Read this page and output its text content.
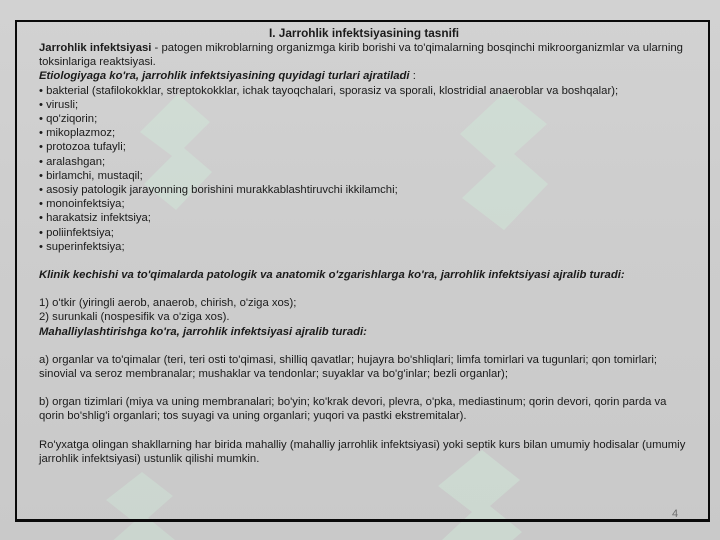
I. Jarrohlik infektsiyasining tasnifi

Jarrohlik infektsiyasi - patogen mikroblarning organizmga kirib borishi va to'qimalarning bosqinchi mikroorganizmlar va ularning toksinlariga reaktsiyasi.

Etiologiyaga ko'ra, jarrohlik infektsiyasining quyidagi turlari ajratiladi :

• bakterial (stafilokokklar, streptokokklar, ichak tayoqchalari, sporasiz va sporali, klostridial anaeroblar va boshqalar);

• virusli;

• qo'ziqorin;

• mikoplazmoz;

• protozoa tufayli;

• aralashgan;

• birlamchi, mustaqil;

• asosiy patologik jarayonning borishini murakkablashtiruvchi ikkilamchi;

• monoinfektsiya;

• harakatsiz infektsiya;

• poliinfektsiya;

• superinfektsiya;

Klinik kechishi va to'qimalarda patologik va anatomik o'zgarishlarga ko'ra, jarrohlik infektsiyasi ajralib turadi:

1) o'tkir (yiringli aerob, anaerob, chirish, o'ziga xos);

2) surunkali (nospesifik va o'ziga xos).

Mahalliylashtirishga ko'ra, jarrohlik infektsiyasi ajralib turadi:

a) organlar va to'qimalar (teri, teri osti to'qimasi, shilliq qavatlar; hujayra bo'shliqlari; limfa tomirlari va tugunlari; qon tomirlari; sinovial va seroz membranalar; mushaklar va tendonlar; suyaklar va bo'g'inlar; bezli organlar);

b) organ tizimlari (miya va uning membranalari; bo'yin; ko'krak devori, plevra, o'pka, mediastinum; qorin devori, qorin parda va qorin bo'shlig'i organlari; tos suyagi va uning organlari; yuqori va pastki ekstremitalar).

Ro'yxatga olingan shakllarning har birida mahalliy (mahalliy jarrohlik infektsiyasi) yoki septik kurs bilan umumiy hodisalar (umumiy jarrohlik infektsiyasi) ustunlik qilishi mumkin.

4
